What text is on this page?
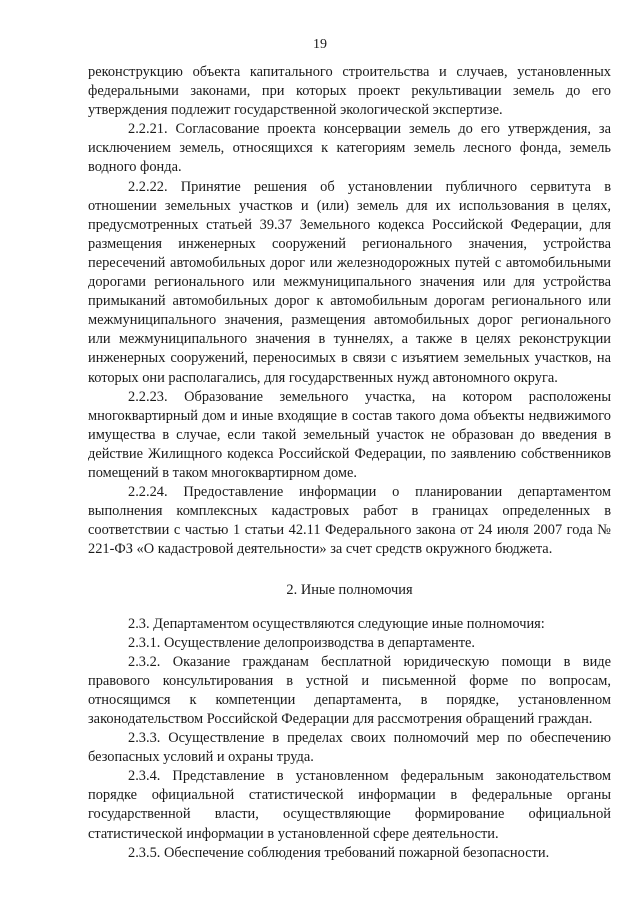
19

реконструкцию объекта капитального строительства и случаев, установленных федеральными законами, при которых проект рекультивации земель до его утверждения подлежит государственной экологической экспертизе.

2.2.21. Согласование проекта консервации земель до его утверждения, за исключением земель, относящихся к категориям земель лесного фонда, земель водного фонда.

2.2.22. Принятие решения об установлении публичного сервитута в отношении земельных участков и (или) земель для их использования в целях, предусмотренных статьей 39.37 Земельного кодекса Российской Федерации, для размещения инженерных сооружений регионального значения, устройства пересечений автомобильных дорог или железнодорожных путей с автомобильными дорогами регионального или межмуниципального значения или для устройства примыканий автомобильных дорог к автомобильным дорогам регионального или межмуниципального значения, размещения автомобильных дорог регионального или межмуниципального значения в туннелях, а также в целях реконструкции инженерных сооружений, переносимых в связи с изъятием земельных участков, на которых они располагались, для государственных нужд автономного округа.

2.2.23. Образование земельного участка, на котором расположены многоквартирный дом и иные входящие в состав такого дома объекты недвижимого имущества в случае, если такой земельный участок не образован до введения в действие Жилищного кодекса Российской Федерации, по заявлению собственников помещений в таком многоквартирном доме.

2.2.24. Предоставление информации о планировании департаментом выполнения комплексных кадастровых работ в границах определенных в соответствии с частью 1 статьи 42.11 Федерального закона от 24 июля 2007 года № 221-ФЗ «О кадастровой деятельности» за счет средств окружного бюджета.

2. Иные полномочия

2.3. Департаментом осуществляются следующие иные полномочия:

2.3.1. Осуществление делопроизводства в департаменте.

2.3.2. Оказание гражданам бесплатной юридическую помощи в виде правового консультирования в устной и письменной форме по вопросам, относящимся к компетенции департамента, в порядке, установленном законодательством Российской Федерации для рассмотрения обращений граждан.

2.3.3. Осуществление в пределах своих полномочий мер по обеспечению безопасных условий и охраны труда.

2.3.4. Представление в установленном федеральным законодательством порядке официальной статистической информации в федеральные органы государственной власти, осуществляющие формирование официальной статистической информации в установленной сфере деятельности.

2.3.5. Обеспечение соблюдения требований пожарной безопасности.
